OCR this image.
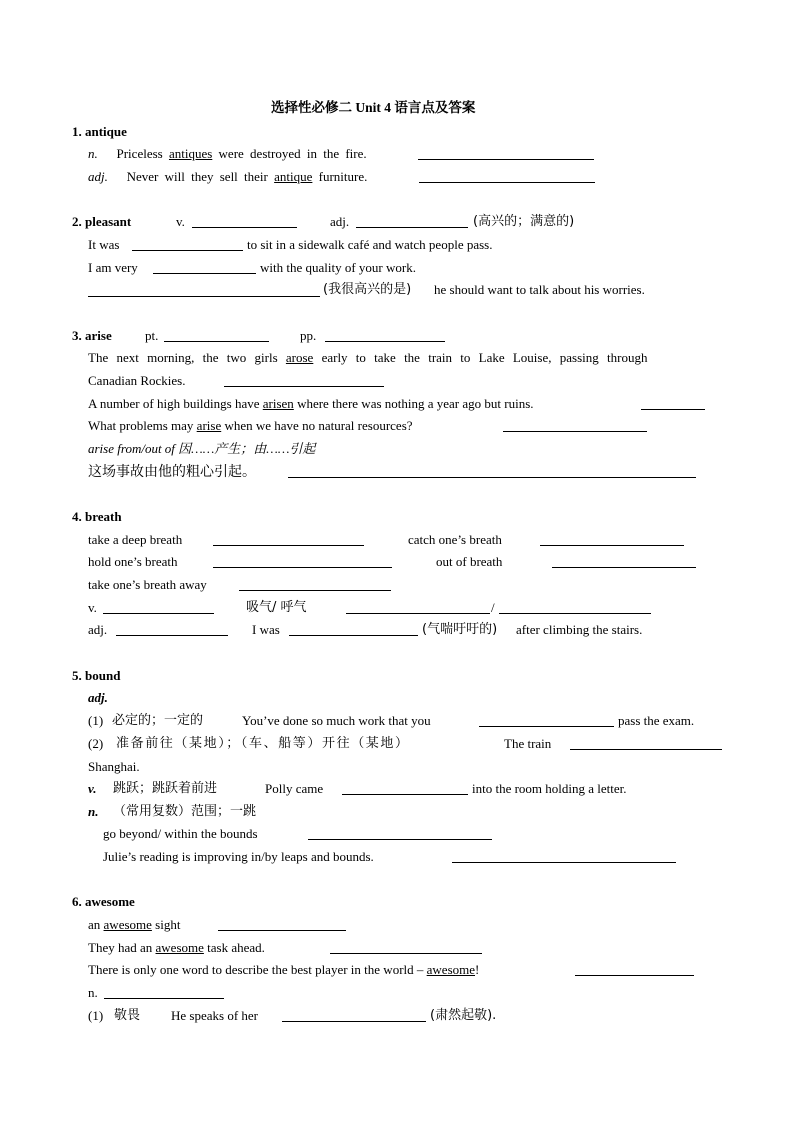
选择性必修二 Unit 4 语言点及答案
1. antique
n. Priceless antiques were destroyed in the fire.
adj. Never will they sell their antique furniture.
2. pleasant	v.	adj.	(高兴的；满意的)
It was	to sit in a sidewalk café and watch people pass.
I am very	with the quality of your work.
(我很高兴的是) he should want to talk about his worries.
3. arise	pt.	pp.
The next morning, the two girls arose early to take the train to Lake Louise, passing through
Canadian Rockies.
A number of high buildings have arisen where there was nothing a year ago but ruins.
What problems may arise when we have no natural resources?
arise from/out of 因……产生；由……引起
这场事故由他的粗心引起。
4. breath
take a deep breath	catch one’s breath
hold one’s breath	out of breath
take one’s breath away
v.	吸气/ 呼气	/
adj.	I was	(气喘吁吁的) after climbing the stairs.
5. bound
adj.
(1) 必定的；一定的	You’ve done so much work that you	pass the exam.
(2) 准备前往（某地）；（车、船等）开往（某地）	The train
Shanghai.
v. 跳跃；跳跃着前进	Polly came	into the room holding a letter.
n. （常用复数）范围；一跳
go beyond/ within the bounds
Julie’s reading is improving in/by leaps and bounds.
6. awesome
an awesome sight
They had an awesome task ahead.
There is only one word to describe the best player in the world – awesome!
n.
(1) 敬畏 He speaks of her	(肃然起敬).
